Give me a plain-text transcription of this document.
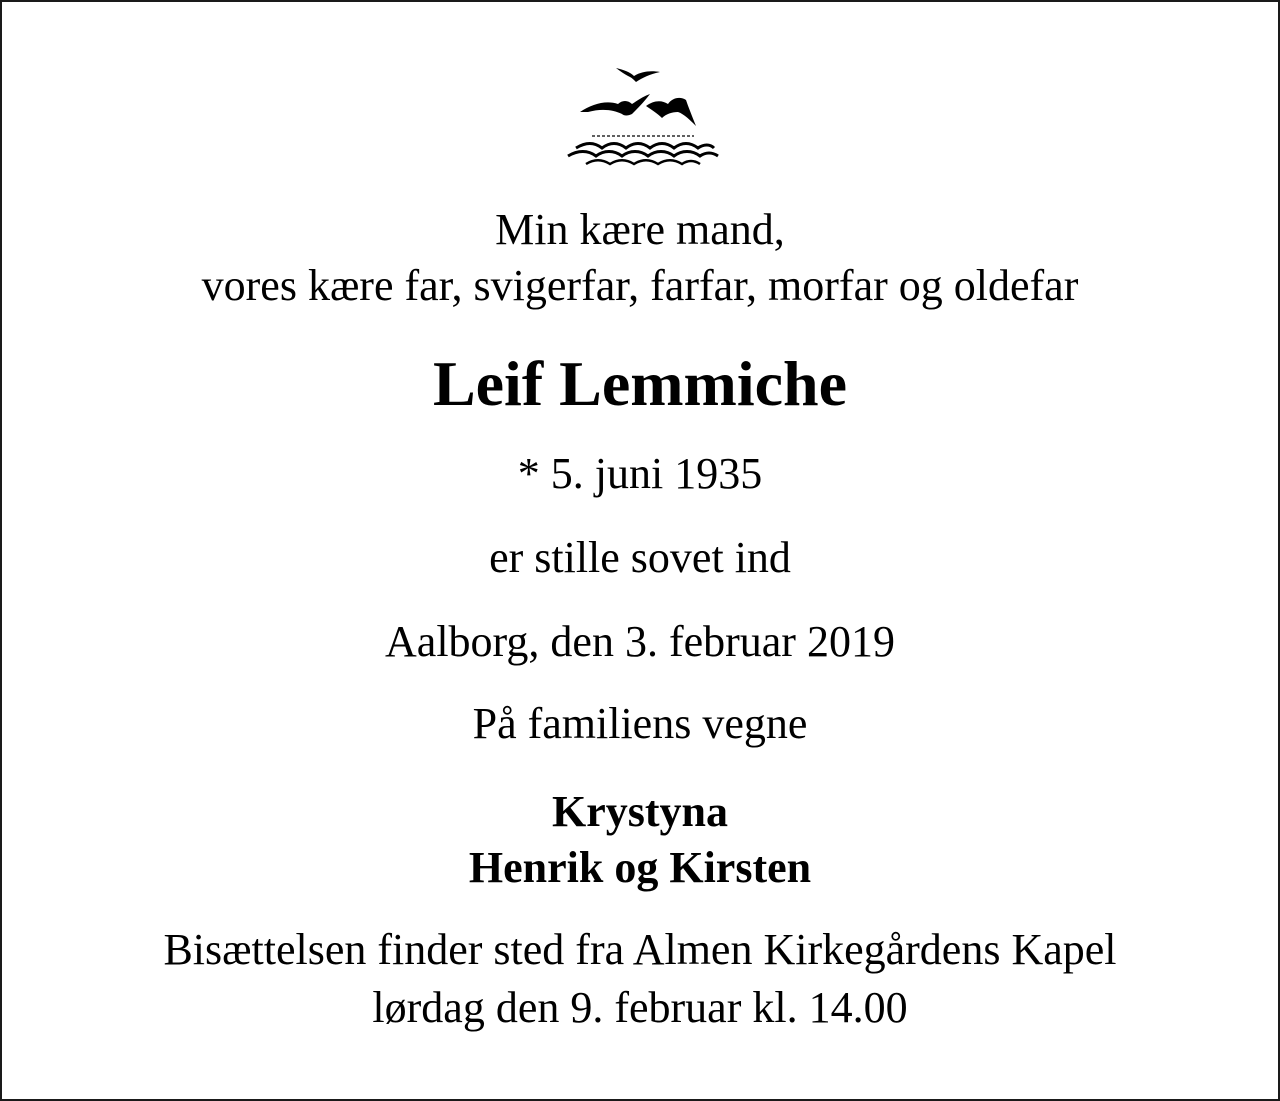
Min kære mand,
vores kære far, svigerfar, farfar, morfar og oldefar
Leif Lemmiche
* 5. juni 1935
er stille sovet ind
Aalborg, den 3. februar 2019
På familiens vegne
Krystyna
Henrik og Kirsten
Bisættelsen finder sted fra Almen Kirkegårdens Kapel
lørdag den 9. februar kl. 14.00
